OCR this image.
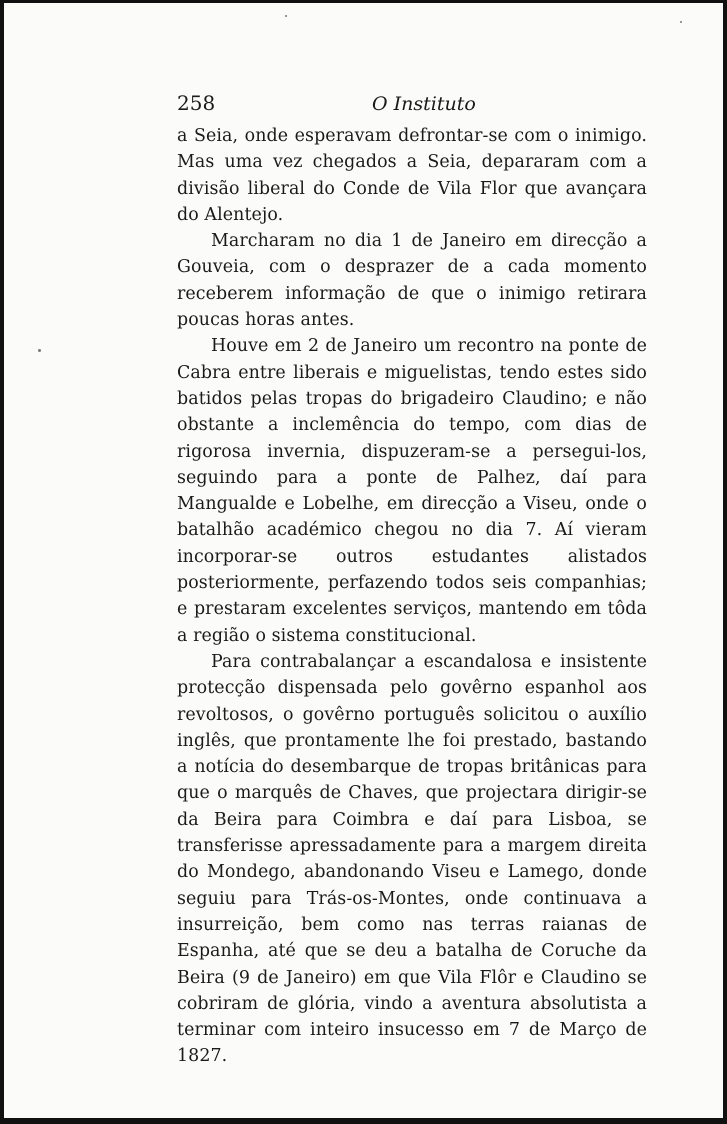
258	O Instituto

a Seia, onde esperavam defrontar-se com o inimigo. Mas uma vez chegados a Seia, depararam com a divisão liberal do Conde de Vila Flor que avançara do Alentejo.

Marcharam no dia 1 de Janeiro em direcção a Gouveia, com o desprazer de a cada momento receberem informação de que o inimigo retirara poucas horas antes.

Houve em 2 de Janeiro um recontro na ponte de Cabra entre liberais e miguelistas, tendo estes sido batidos pelas tropas do brigadeiro Claudino; e não obstante a inclemência do tempo, com dias de rigorosa invernia, dispuzeram-se a persegui-los, seguindo para a ponte de Palhez, daí para Mangualde e Lobelhe, em direcção a Viseu, onde o batalhão académico chegou no dia 7. Aí vieram incorporar-se outros estudantes alistados posteriormente, perfazendo todos seis companhias; e prestaram excelentes serviços, mantendo em tôda a região o sistema constitucional.

Para contrabalançar a escandalosa e insistente protecção dispensada pelo govêrno espanhol aos revoltosos, o govêrno português solicitou o auxílio inglês, que prontamente lhe foi prestado, bastando a notícia do desembarque de tropas britânicas para que o marquês de Chaves, que projectara dirigir-se da Beira para Coimbra e daí para Lisboa, se transferisse apressadamente para a margem direita do Mondego, abandonando Viseu e Lamego, donde seguiu para Trás-os-Montes, onde continuava a insurreição, bem como nas terras raianas de Espanha, até que se deu a batalha de Coruche da Beira (9 de Janeiro) em que Vila Flôr e Claudino se cobriram de glória, vindo a aventura absolutista a terminar com inteiro insucesso em 7 de Março de 1827.
